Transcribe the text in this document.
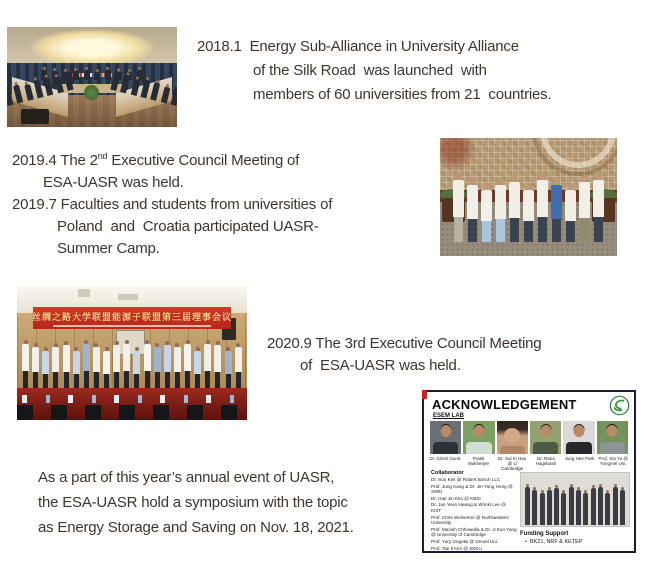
2018.1  Energy Sub-Alliance in University Alliance
of the Silk Road  was launched  with
members of 60 universities from 21  countries.
2019.4 The 2nd Executive Council Meeting of
ESA-UASR was held.
2019.7 Faculties and students from universities of
Poland  and  Croatia participated UASR-
Summer Camp.
丝绸之路大学联盟能源子联盟第三届理事会议
2020.9 The 3rd Executive Council Meeting
of  ESA-UASR was held.
ACKNOWLEDGEMENT
ESEM LAB
Dr. Girish Gund	Pratiti Mukherjee
Dr. Sul Ki Han @ U Cambridge
Dr. Rana Hagebash
Jung Hee Park Prof. Xia Yu @ Yongmei Uni.
Collaborator
Dr. Soo Kim @ Robert Bosch LLC
Prof. Jung Kang & Dr. Jin-Yong Hong @ SNRI
Dr. Hae Jin Kim @ KBSI
Dr. Jun Yeon Hwang & Wonki Lee @ KIST
Prof. Chris Wolverton @ Northwestern University
Prof. Manish Chhowalla & Dr. Ji Eun Yang @ University of Cambridge
Prof. Yury Gogotsi @ Drexel Uni.
Prof. Tae Il Kim @ SKKU
Funding Support
• BK21, NRF & KETEP
As a part of this year’s annual event of UASR,
the ESA-UASR hold a symposium with the topic
as Energy Storage and Saving on Nov. 18, 2021.
